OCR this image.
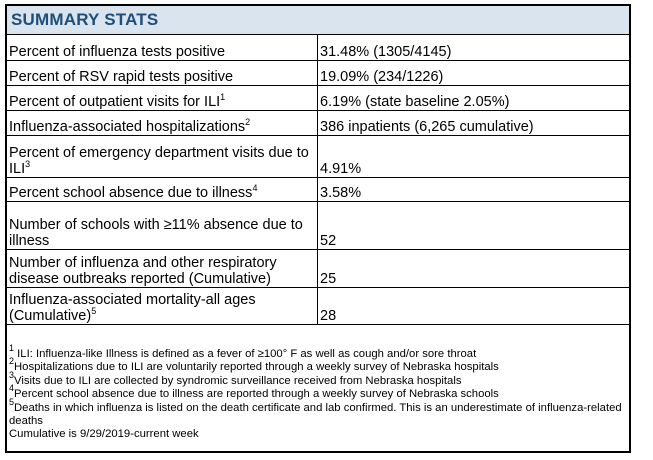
SUMMARY STATS
Percent of influenza tests positive	31.48% (1305/4145)
Percent of RSV rapid tests positive	19.09% (234/1226)
Percent of outpatient visits for ILI$^1$	6.19% (state baseline 2.05%)
Influenza-associated hospitalizations$^2$	386 inpatients (6,265 cumulative)
Percent of emergency department visits due to ILI$^3$	4.91%
Percent school absence due to illness$^4$	3.58%
Number of schools with ≥11% absence due to illness	52
Number of influenza and other respiratory disease outbreaks reported (Cumulative)	25
Influenza-associated mortality-all ages (Cumulative)$^5$	28
$^1$ ILI: Influenza-like Illness is defined as a fever of ≥100° F as well as cough and/or sore throat
$^2$Hospitalizations due to ILI are voluntarily reported through a weekly survey of Nebraska hospitals
$^3$Visits due to ILI are collected by syndromic surveillance received from Nebraska hospitals
$^4$Percent school absence due to illness are reported through a weekly survey of Nebraska schools
$^5$Deaths in which influenza is listed on the death certificate and lab confirmed. This is an underestimate of influenza-related deaths
Cumulative is 9/29/2019-current week
